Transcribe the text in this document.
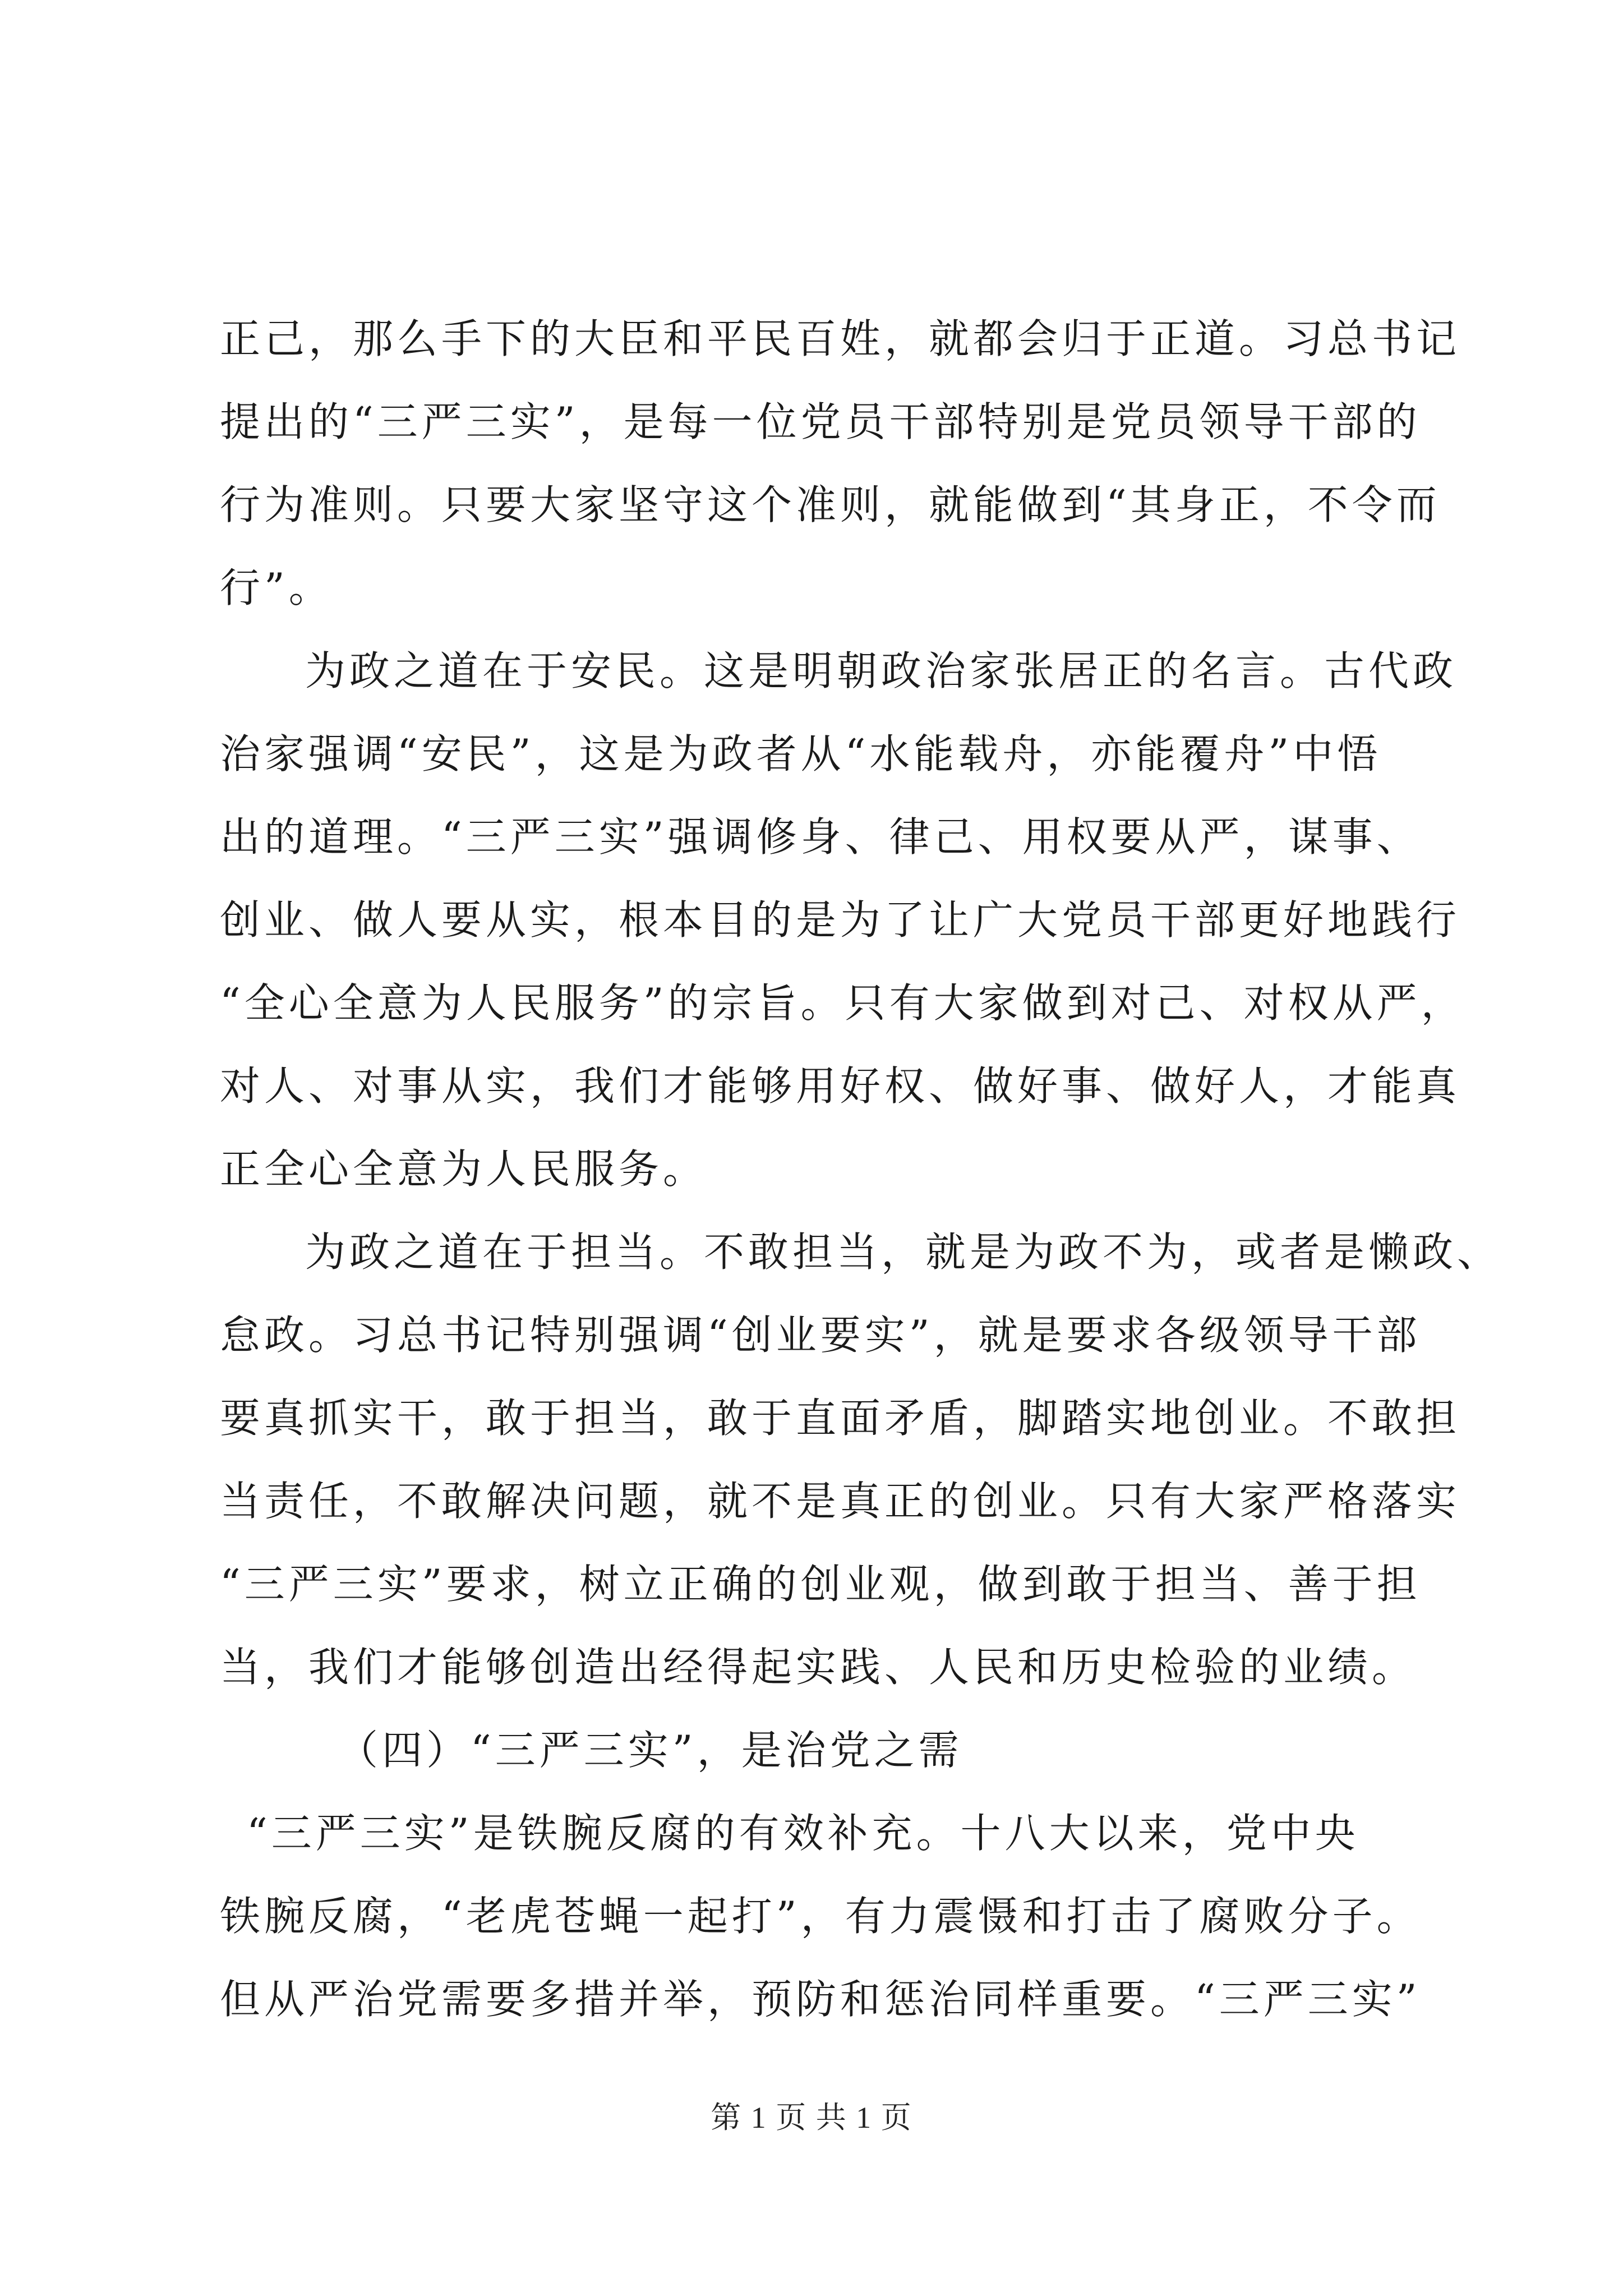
正己，那么手下的大臣和平民百姓，就都会归于正道。习总书记
提出的“三严三实”，是每一位党员干部特别是党员领导干部的
行为准则。只要大家坚守这个准则，就能做到“其身正，不令而
行”。
为政之道在于安民。这是明朝政治家张居正的名言。古代政
治家强调“安民”，这是为政者从“水能载舟，亦能覆舟”中悟
出的道理。“三严三实”强调修身、律己、用权要从严，谋事、
创业、做人要从实，根本目的是为了让广大党员干部更好地践行
“全心全意为人民服务”的宗旨。只有大家做到对己、对权从严，
对人、对事从实，我们才能够用好权、做好事、做好人，才能真
正全心全意为人民服务。
为政之道在于担当。不敢担当，就是为政不为，或者是懒政、
怠政。习总书记特别强调“创业要实”，就是要求各级领导干部
要真抓实干，敢于担当，敢于直面矛盾，脚踏实地创业。不敢担
当责任，不敢解决问题，就不是真正的创业。只有大家严格落实
“三严三实”要求，树立正确的创业观，做到敢于担当、善于担
当，我们才能够创造出经得起实践、人民和历史检验的业绩。
（四）“三严三实”，是治党之需
“三严三实”是铁腕反腐的有效补充。十八大以来，党中央
铁腕反腐，“老虎苍蝇一起打”，有力震慑和打击了腐败分子。
但从严治党需要多措并举，预防和惩治同样重要。“三严三实”
第 1 页 共 1 页
